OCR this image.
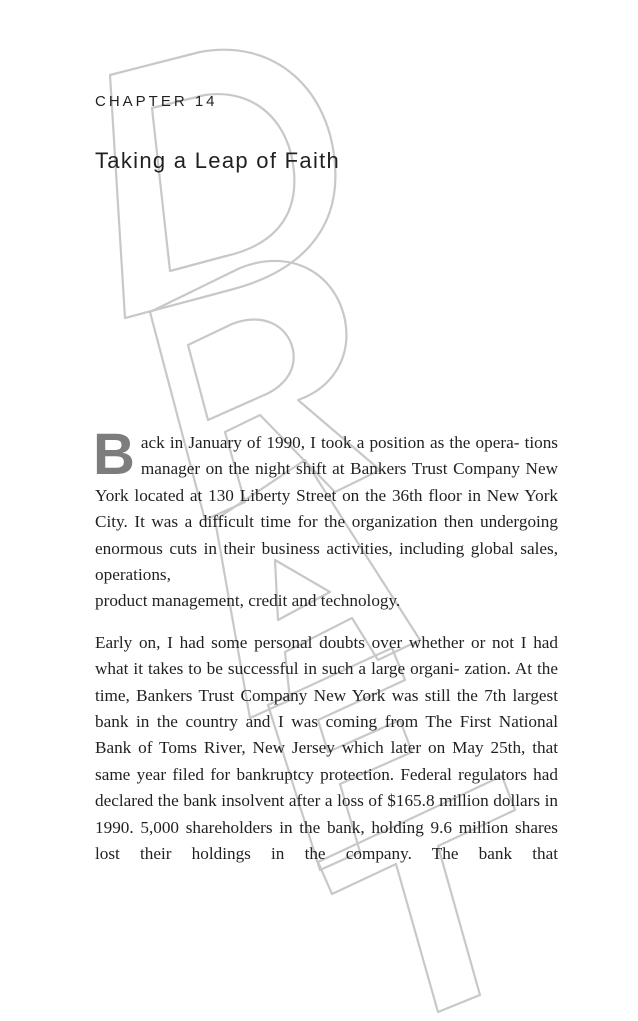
CHAPTER 14
Taking a Leap of Faith

Back in January of 1990, I took a position as the opera- tions manager on the night shift at Bankers Trust Company New York located at 130 Liberty Street on the 36th floor in New York City. It was a difficult time for the organization then undergoing enormous cuts in their business activities, including global sales, operations,
product management, credit and technology.

Early on, I had some personal doubts over whether or not I had what it takes to be successful in such a large organi- zation. At the time, Bankers Trust Company New York was still the 7th largest bank in the country and I was coming from The First National Bank of Toms River, New Jersey which later on May 25th, that same year filed for bankruptcy protection. Federal regulators had declared the bank insolvent after a loss of $165.8 million dollars in 1990. 5,000 shareholders in the bank, holding 9.6 million shares lost their holdings in the company. The bank that
